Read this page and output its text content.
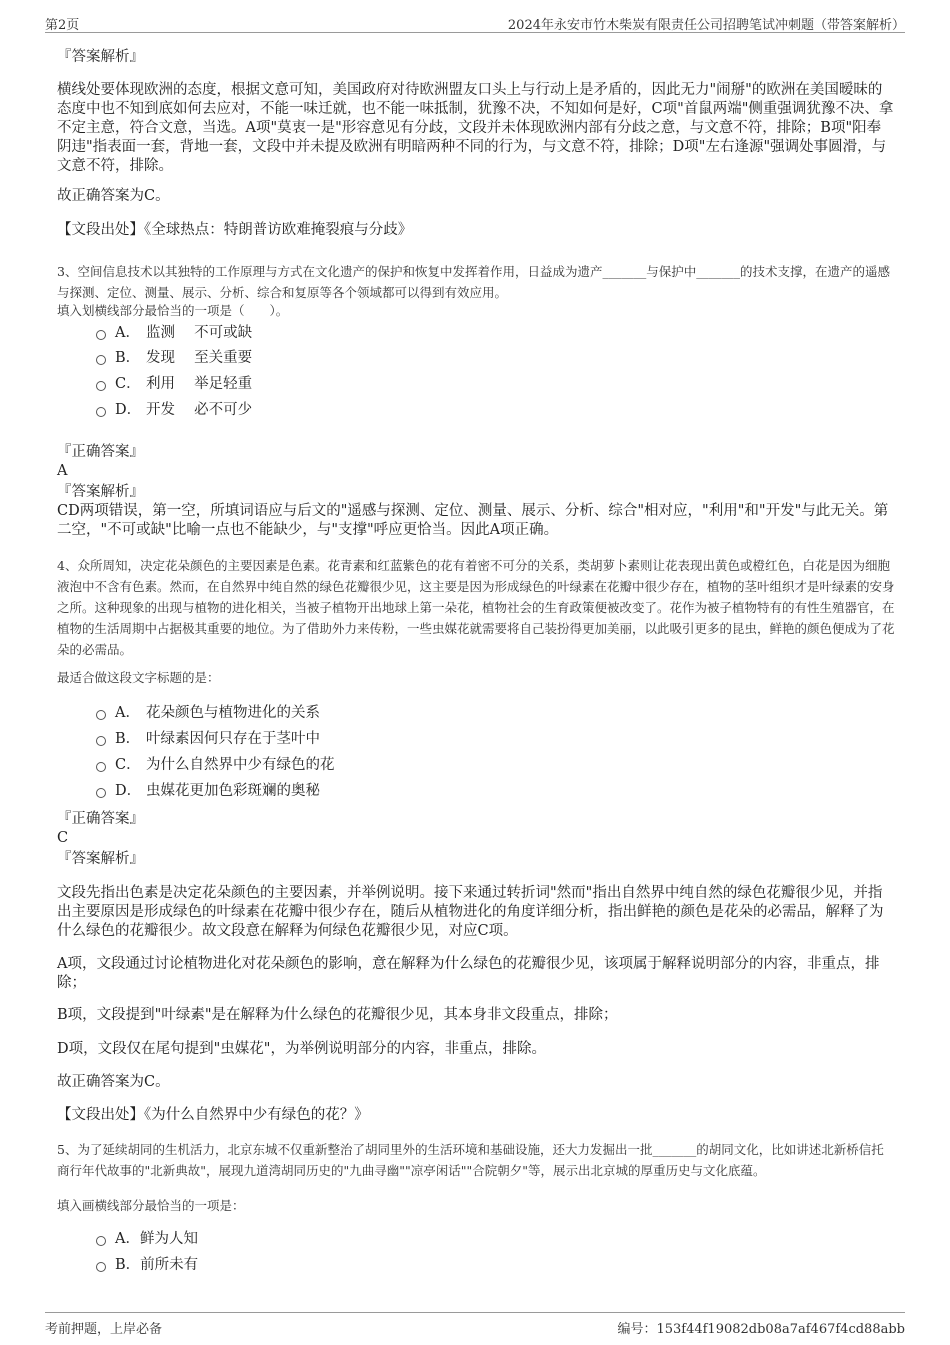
第2页	2024年永安市竹木柴炭有限责任公司招聘笔试冲刺题（带答案解析）

『答案解析』

横线处要体现欧洲的态度，根据文意可知，美国政府对待欧洲盟友口头上与行动上是矛盾的，因此无力"闹掰"的欧洲在美国暧昧的态度中也不知到底如何去应对，不能一味迁就，也不能一味抵制，犹豫不决，不知如何是好，C项"首鼠两端"侧重强调犹豫不决、拿不定主意，符合文意，当选。A项"莫衷一是"形容意见有分歧，文段并未体现欧洲内部有分歧之意，与文意不符，排除；B项"阳奉阴违"指表面一套，背地一套，文段中并未提及欧洲有明暗两种不同的行为，与文意不符，排除；D项"左右逢源"强调处事圆滑，与文意不符，排除。

故正确答案为C。

【文段出处】《全球热点：特朗普访欧难掩裂痕与分歧》

3、空间信息技术以其独特的工作原理与方式在文化遗产的保护和恢复中发挥着作用，日益成为遗产_______与保护中_______的技术支撑，在遗产的遥感与探测、定位、测量、展示、分析、综合和复原等各个领域都可以得到有效应用。

填入划横线部分最恰当的一项是（　　）。

A． 监测　 不可或缺
B． 发现　 至关重要
C． 利用　 举足轻重
D． 开发　 必不可少

『正确答案』

A

『答案解析』

CD两项错误，第一空，所填词语应与后文的"遥感与探测、定位、测量、展示、分析、综合"相对应，"利用"和"开发"与此无关。第二空，"不可或缺"比喻一点也不能缺少，与"支撑"呼应更恰当。因此A项正确。

4、众所周知，决定花朵颜色的主要因素是色素。花青素和红蓝紫色的花有着密不可分的关系，类胡萝卜素则让花表现出黄色或橙红色，白花是因为细胞液泡中不含有色素。然而，在自然界中纯自然的绿色花瓣很少见，这主要是因为形成绿色的叶绿素在花瓣中很少存在，植物的茎叶组织才是叶绿素的安身之所。这种现象的出现与植物的进化相关，当被子植物开出地球上第一朵花，植物社会的生育政策便被改变了。花作为被子植物特有的有性生殖器官，在植物的生活周期中占据极其重要的地位。为了借助外力来传粉，一些虫媒花就需要将自己装扮得更加美丽，以此吸引更多的昆虫，鲜艳的颜色便成为了花朵的必需品。

最适合做这段文字标题的是：

A． 花朵颜色与植物进化的关系
B． 叶绿素因何只存在于茎叶中
C． 为什么自然界中少有绿色的花
D． 虫媒花更加色彩斑斓的奥秘

『正确答案』

C

『答案解析』

文段先指出色素是决定花朵颜色的主要因素，并举例说明。接下来通过转折词"然而"指出自然界中纯自然的绿色花瓣很少见，并指出主要原因是形成绿色的叶绿素在花瓣中很少存在，随后从植物进化的角度详细分析，指出鲜艳的颜色是花朵的必需品，解释了为什么绿色的花瓣很少。故文段意在解释为何绿色花瓣很少见，对应C项。

A项，文段通过讨论植物进化对花朵颜色的影响，意在解释为什么绿色的花瓣很少见，该项属于解释说明部分的内容，非重点，排除；

B项，文段提到"叶绿素"是在解释为什么绿色的花瓣很少见，其本身非文段重点，排除；

D项，文段仅在尾句提到"虫媒花"，为举例说明部分的内容，非重点，排除。

故正确答案为C。

【文段出处】《为什么自然界中少有绿色的花？》

5、为了延续胡同的生机活力，北京东城不仅重新整治了胡同里外的生活环境和基础设施，还大力发掘出一批_______的胡同文化，比如讲述北新桥信托商行年代故事的"北新典故"，展现九道湾胡同历史的"九曲寻幽""凉亭闲话""合院朝夕"等，展示出北京城的厚重历史与文化底蕴。

填入画横线部分最恰当的一项是：

A．鲜为人知
B．前所未有
考前押题，上岸必备	编号：153f44f19082db08a7af467f4cd88abb
